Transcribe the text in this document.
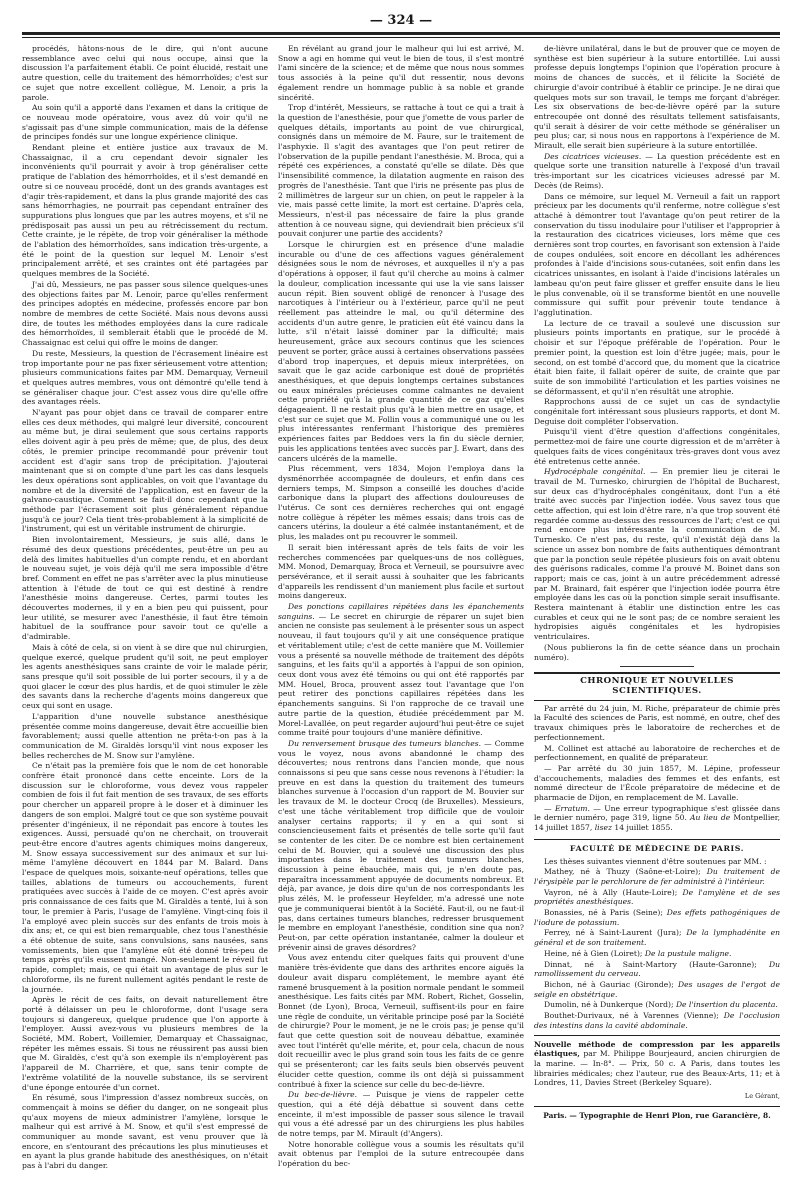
— 324 —

procédés, hâtons-nous de le dire, qui n'ont aucune ressemblance avec celui qui nous occupe, ainsi que la discussion l'a parfaitement établi. Ce point élucidé, restait une autre question, celle du traitement des hémorrhoïdes; c'est sur ce sujet que notre excellent collègue, M. Lenoir, a pris la parole.

Au soin qu'il a apporté dans l'examen et dans la critique de ce nouveau mode opératoire, vous avez dû voir qu'il ne s'agissait pas d'une simple communication, mais de la défense de principes fondés sur une longue expérience clinique.

Rendant pleine et entière justice aux travaux de M. Chassaignac, il a cru cependant devoir signaler les inconvénients qu'il pourrait y avoir à trop généraliser cette pratique de l'ablation des hémorrhoïdes, et il s'est demandé en outre si ce nouveau procédé, dont un des grands avantages est d'agir très-rapidement, et dans la plus grande majorité des cas sans hémorrhagies, ne pourrait pas cependant entraîner des suppurations plus longues que par les autres moyens, et s'il ne prédisposait pas aussi un peu au rétrécissement du rectum. Cette crainte, je le répète, de trop voir généraliser la méthode de l'ablation des hémorrhoïdes, sans indication très-urgente, a été le point de la question sur lequel M. Lenoir s'est principalement arrêté, et ses craintes ont été partagées par quelques membres de la Société.

J'ai dû, Messieurs, ne pas passer sous silence quelques-unes des objections faites par M. Lenoir, parce qu'elles renferment des principes adoptés en médecine, professés encore par bon nombre de membres de cette Société. Mais nous devons aussi dire, de toutes les méthodes employées dans la cure radicale des hémorrhoïdes, il semblerait établi que le procédé de M. Chassaignac est celui qui offre le moins de danger.

Du reste, Messieurs, la question de l'écrasement linéaire est trop importante pour ne pas fixer sérieusement votre attention; plusieurs communications faites par MM. Demarquay, Verneuil et quelques autres membres, vous ont démontré qu'elle tend à se généraliser chaque jour. C'est assez vous dire qu'elle offre des avantages réels.

N'ayant pas pour objet dans ce travail de comparer entre elles ces deux méthodes, qui malgré leur diversité, concourent au même but, je dirai seulement que sous certains rapports elles doivent agir à peu près de même; que, de plus, des deux côtés, le premier principe recommandé pour prévenir tout accident est d'agir sans trop de précipitation. J'ajouterai maintenant que si on compte d'une part les cas dans lesquels les deux opérations sont applicables, on voit que l'avantage du nombre et de la diversité de l'application, est en faveur de la galvano-caustique. Comment se fait-il donc cependant que la méthode par l'écrasement soit plus généralement répandue jusqu'à ce jour? Cela tient très-probablement à la simplicité de l'instrument, qui est un véritable instrument de chirurgie.

Bien involontairement, Messieurs, je suis allé, dans le résumé des deux questions précédentes, peut-être un peu au delà des limites habituelles d'un compte rendu, et en abordant le nouveau sujet, je vois déjà qu'il me sera impossible d'être bref. Comment en effet ne pas s'arrêter avec la plus minutieuse attention à l'étude de tout ce qui est destiné à rendre l'anesthésie moins dangereuse. Certes, parmi toutes les découvertes modernes, il y en a bien peu qui puissent, pour leur utilité, se mesurer avec l'anesthésie, il faut être témoin habituel de la souffrance pour savoir tout ce qu'elle a d'admirable.

Mais à côté de cela, si on vient à se dire que nul chirurgien, quelque exercé, quelque prudent qu'il soit, ne peut employer les agents anesthésiques sans crainte de voir le malade périr, sans presque qu'il soit possible de lui porter secours, il y a de quoi glacer le cœur des plus hardis, et de quoi stimuler le zèle des savants dans la recherche d'agents moins dangereux que ceux qui sont en usage.

L'apparition d'une nouvelle substance anesthésique présentée comme moins dangereuse, devait être accueillie bien favorablement; aussi quelle attention ne prêta-t-on pas à la communication de M. Giraldès lorsqu'il vint nous exposer les belles recherches de M. Snow sur l'amylène.

Ce n'était pas la première fois que le nom de cet honorable confrère était prononcé dans cette enceinte. Lors de la discussion sur le chloroforme, vous devez vous rappeler combien de fois il fut fait mention de ses travaux, de ses efforts pour chercher un appareil propre à le doser et à diminuer les dangers de son emploi. Malgré tout ce que son système pouvait présenter d'ingénieux, il ne répondait pas encore à toutes les exigences. Aussi, persuadé qu'on ne cherchait, on trouverait peut-être encore d'autres agents chimiques moins dangereux, M. Snow essaya successivement sur des animaux et sur lui-même l'amylène découvert en 1844 par M. Balard. Dans l'espace de quelques mois, soixante-neuf opérations, telles que tailles, ablations de tumeurs ou accouchements, furent pratiquées avec succès à l'aide de ce moyen. C'est après avoir pris connaissance de ces faits que M. Giraldès a tenté, lui à son tour, le premier à Paris, l'usage de l'amylène. Vingt-cinq fois il l'a employé avec plein succès sur des enfants de trois mois à dix ans; et, ce qui est bien remarquable, chez tous l'anesthésie a été obtenue de suite, sans convulsions, sans nausées, sans vomissements, bien que l'amylène eût été donné très-peu de temps après qu'ils eussent mangé. Non-seulement le réveil fut rapide, complet; mais, ce qui était un avantage de plus sur le chloroforme, ils ne furent nullement agités pendant le reste de la journée.

Après le récit de ces faits, on devait naturellement être porté à délaisser un peu le chloroforme, dont l'usage sera toujours si dangereux, quelque prudence que l'on apporte à l'employer. Aussi avez-vous vu plusieurs membres de la Société, MM. Robert, Voillemier, Demarquay et Chassaignac, répéter les mêmes essais. Si tous ne réussirent pas aussi bien que M. Giraldès, c'est qu'à son exemple ils n'employèrent pas l'appareil de M. Charrière, et que, sans tenir compte de l'extrême volatilité de la nouvelle substance, ils se servirent d'une éponge entourée d'un cornet.

En résumé, sous l'impression d'assez nombreux succès, on commençait à moins se défier du danger, on ne songeait plus qu'aux moyens de mieux administrer l'amylène, lorsque le malheur qui est arrivé à M. Snow, et qu'il s'est empressé de communiquer au monde savant, est venu prouver que là encore, en s'entourant des précautions les plus minutieuses et en ayant la plus grande habitude des anesthésiques, on n'était pas à l'abri du danger.

En révélant au grand jour le malheur qui lui est arrivé, M. Snow a agi en homme qui veut le bien de tous, il s'est montré l'ami sincère de la science; et de même que nous nous sommes tous associés à la peine qu'il dut ressentir, nous devons également rendre un hommage public à sa noble et grande sincérité.

Trop d'intérêt, Messieurs, se rattache à tout ce qui a trait à la question de l'anesthésie, pour que j'omette de vous parler de quelques détails, importants au point de vue chirurgical, consignés dans un mémoire de M. Faure, sur le traitement de l'asphyxie. Il s'agit des avantages que l'on peut retirer de l'observation de la pupille pendant l'anesthésie. M. Broca, qui a répété ces expériences, a constaté qu'elle se dilate. Dès que l'insensibilité commence, la dilatation augmente en raison des progrès de l'anesthésie. Tant que l'iris ne présente pas plus de 2 millimètres de largeur sur un chien, on peut le rappeler à la vie, mais passé cette limite, la mort est certaine. D'après cela, Messieurs, n'est-il pas nécessaire de faire la plus grande attention à ce nouveau signe, qui deviendrait bien précieux s'il pouvait conjurer une partie des accidents?

Lorsque le chirurgien est en présence d'une maladie incurable ou d'une de ces affections vagues généralement désignées sous le nom de névroses, et auxquelles il n'y a pas d'opérations à opposer, il faut qu'il cherche au moins à calmer la douleur, complication incessante qui use la vie sans laisser aucun répit. Bien souvent obligé de renoncer à l'usage des narcotiques à l'intérieur ou à l'extérieur, parce qu'il ne peut réellement pas atteindre le mal, ou qu'il détermine des accidents d'un autre genre, le praticien eût été vaincu dans la lutte, s'il n'était laissé dominer par la difficulté; mais heureusement, grâce aux secours continus que les sciences peuvent se porter, grâce aussi à certaines observations passées d'abord trop inaperçues, et depuis mieux interprétées, on savait que le gaz acide carbonique est doué de propriétés anesthésiques, et que depuis longtemps certaines substances ou eaux minérales précieuses comme calmantes ne devaient cette propriété qu'à la grande quantité de ce gaz qu'elles dégageaient. Il ne restait plus qu'à le bien mettre en usage, et c'est sur ce sujet que M. Follin vous a communiqué une ou les plus intéressantes renfermant l'historique des premières expériences faites par Beddoes vers la fin du siècle dernier, puis les applications tentées avec succès par J. Ewart, dans des cancers ulcérés de la mamelle.

Plus récemment, vers 1834, Mojon l'employa dans la dysménorrhée accompagnée de douleurs, et enfin dans ces derniers temps, M. Simpson a conseillé les douches d'acide carbonique dans la plupart des affections douloureuses de l'utérus. Ce sont ces dernières recherches qui ont engagé notre collègue à répéter les mêmes essais; dans trois cas de cancers utérins, la douleur a été calmée instantanément, et de plus, les malades ont pu recouvrer le sommeil.

Il serait bien intéressant après de tels faits de voir les recherches commencées par quelques-uns de nos collègues, MM. Monod, Demarquay, Broca et Verneuil, se poursuivre avec persévérance, et il serait aussi à souhaiter que les fabricants d'appareils les rendissent d'un maniement plus facile et surtout moins dangereux.

Des ponctions capillaires répétées dans les épanchements sanguins. — Le secret en chirurgie de réparer un sujet bien ancien ne consiste pas seulement à le présenter sous un aspect nouveau, il faut toujours qu'il y ait une conséquence pratique et véritablement utile; c'est de cette manière que M. Voillemier vous a présenté sa nouvelle méthode de traitement des dépôts sanguins, et les faits qu'il a apportés à l'appui de son opinion, ceux dont vous avez été témoins ou qui ont été rapportés par MM. Houel, Broca, prouvent assez tout l'avantage que l'on peut retirer des ponctions capillaires répétées dans les épanchements sanguins. Si l'on rapproche de ce travail une autre partie de la question, étudiée précédemment par M. Morel-Lavallée, on peut regarder aujourd'hui peut-être ce sujet comme traité pour toujours d'une manière définitive.

Du renversement brusque des tumeurs blanches. — Comme vous le voyez, nous avons abandonné le champ des découvertes; nous rentrons dans l'ancien monde, que nous connaissons si peu que sans cesse nous revenons à l'étudier: la preuve en est dans la question du traitement des tumeurs blanches survenue à l'occasion d'un rapport de M. Bouvier sur les travaux de M. le docteur Crocq (de Bruxelles). Messieurs, c'est une tâche véritablement trop difficile que de vouloir analyser certains rapports; il y en a qui sont si consciencieusement faits et présentés de telle sorte qu'il faut se contenter de les citer. De ce nombre est bien certainement celui de M. Bouvier, qui a soulevé une discussion des plus importantes dans le traitement des tumeurs blanches, discussion à peine ébauchée, mais qui, je n'en doute pas, reparaîtra incessamment appuyée de documents nombreux. Et déjà, par avance, je dois dire qu'un de nos correspondants les plus zélés, M. le professeur Heyfelder, m'a adressé une note que je communiquerai bientôt à la Société. Faut-il, ou ne faut-il pas, dans certaines tumeurs blanches, redresser brusquement le membre en employant l'anesthésie, condition sine qua non? Peut-on, par cette opération instantanée, calmer la douleur et prévenir ainsi de graves désordres?

Vous avez entendu citer quelques faits qui prouvent d'une manière très-évidente que dans des arthrites encore aiguës la douleur avait disparu complétement, le membre ayant été ramené brusquement à la position normale pendant le sommeil anesthésique. Les faits cités par MM. Robert, Richet, Gosselin, Bonnet (de Lyon), Broca, Verneuil, suffisent-ils pour en faire une règle de conduite, un véritable principe posé par la Société de chirurgie? Pour le moment, je ne le crois pas; je pense qu'il faut que cette question soit de nouveau débattue, examinée avec tout l'intérêt qu'elle mérite, et, pour cela, chacun de nous doit recueillir avec le plus grand soin tous les faits de ce genre qui se présenteront; car les faits seuls bien observés peuvent élucider cette question, comme ils ont déjà si puissamment contribué à fixer la science sur celle du bec-de-lièvre.

Du bec-de-lièvre. — Puisque je viens de rappeler cette question, qui a été déjà débattue si souvent dans cette enceinte, il m'est impossible de passer sous silence le travail qui vous a été adressé par un des chirurgiens les plus habiles de notre temps, par M. Mirault (d'Angers).

Notre honorable collègue vous a soumis les résultats qu'il avait obtenus par l'emploi de la suture entrecoupée dans l'opération du bec-

de-lièvre unilatéral, dans le but de prouver que ce moyen de synthèse est bien supérieur à la suture entortillée. Lui aussi professe depuis longtemps l'opinion que l'opération procure à moins de chances de succès, et il félicite la Société de chirurgie d'avoir contribué à établir ce principe. Je ne dirai que quelques mots sur son travail, le temps me forçant d'abréger. Les six observations de bec-de-lièvre opéré par la suture entrecoupée ont donné des résultats tellement satisfaisants, qu'il serait à désirer de voir cette méthode se généraliser un peu plus; car, si nous nous en rapportons à l'expérience de M. Mirault, elle serait bien supérieure à la suture entortillée.

Des cicatrices vicieuses. — La question précédente est en quelque sorte une transition naturelle à l'exposé d'un travail très-important sur les cicatrices vicieuses adressé par M. Decès (de Reims).

Dans ce mémoire, sur lequel M. Verneuil a fait un rapport précieux par les documents qu'il renferme, notre collègue s'est attaché à démontrer tout l'avantage qu'on peut retirer de la conservation du tissu inodulaire pour l'utiliser et l'approprier à la restauration des cicatrices vicieuses, lors même que ces dernières sont trop courtes, en favorisant son extension à l'aide de coupes ondulées, soit encore en décollant les adhérences profondes à l'aide d'incisions sous-cutanées, soit enfin dans les cicatrices unissantes, en isolant à l'aide d'incisions latérales un lambeau qu'on peut faire glisser et greffer ensuite dans le lieu le plus convenable, où il se transforme bientôt en une nouvelle commissure qui suffit pour prévenir toute tendance à l'agglutination.

La lecture de ce travail a soulevé une discussion sur plusieurs points importants en pratique, sur le procédé à choisir et sur l'époque préférable de l'opération. Pour le premier point, la question est loin d'être jugée; mais, pour le second, on est tombé d'accord que, du moment que la cicatrice était bien faite, il fallait opérer de suite, de crainte que par suite de son immobilité l'articulation et les parties voisines ne se déformassent, et qu'il n'en résultât une atrophie.

Rapprochons aussi de ce sujet un cas de syndactylie congénitale fort intéressant sous plusieurs rapports, et dont M. Deguise doit compléter l'observation.

Puisqu'il vient d'être question d'affections congénitales, permettez-moi de faire une courte digression et de m'arrêter à quelques faits de vices congénitaux très-graves dont vous avez été entretenus cette année.

Hydrocéphale congénital. — En premier lieu je citerai le travail de M. Turnesko, chirurgien de l'hôpital de Bucharest, sur deux cas d'hydrocéphales congénitaux, dont l'un a été traité avec succès par l'injection iodée. Vous savez tous que cette affection, qui est loin d'être rare, n'a que trop souvent été regardée comme au-dessus des ressources de l'art; c'est ce qui rend encore plus intéressante la communication de M. Turnesko. Ce n'est pas, du reste, qu'il n'existât déjà dans la science un assez bon nombre de faits authentiques démontrant que par la ponction seule répétée plusieurs fois on avait obtenu des guérisons radicales, comme l'a prouvé M. Boinet dans son rapport; mais ce cas, joint à un autre précédemment adressé par M. Brainard, fait espérer que l'injection iodée pourra être employée dans les cas où la ponction simple serait insuffisante. Restera maintenant à établir une distinction entre les cas curables et ceux qui ne le sont pas; de ce nombre seraient les hydropisies aiguës congénitales et les hydropisies ventriculaires.

(Nous publierons la fin de cette séance dans un prochain numéro).

CHRONIQUE ET NOUVELLES SCIENTIFIQUES.

Par arrêté du 24 juin, M. Riche, préparateur de chimie près la Faculté des sciences de Paris, est nommé, en outre, chef des travaux chimiques près le laboratoire de recherches et de perfectionnement.

M. Collinet est attaché au laboratoire de recherches et de perfectionnement, en qualité de préparateur.

— Par arrêté du 30 juin 1857, M. Lépine, professeur d'accouchements, maladies des femmes et des enfants, est nommé directeur de l'École préparatoire de médecine et de pharmacie de Dijon, en remplacement de M. Lavalle.

— Erratum. — Une erreur typographique s'est glissée dans le dernier numéro, page 319, ligne 50. Au lieu de Montpellier, 14 juillet 1857, lisez 14 juillet 1855.

FACULTÉ DE MÉDECINE DE PARIS.

Les thèses suivantes viennent d'être soutenues par MM. :

Mathey, né à Thuzy (Saône-et-Loire); Du traitement de l'érysipèle par le perchlorure de fer administré à l'intérieur.

Vayron, né à Ally (Haute-Loire); De l'amylène et de ses propriétés anesthésiques.

Bonassies, né à Paris (Seine); Des effets pathogéniques de l'iodure de potassium.

Ferrey, né à Saint-Laurent (Jura); De la lymphadénite en général et de son traitement.

Heine, né à Gien (Loiret); De la pustule maligne.

Dinnat, né à Saint-Martory (Haute-Garonne); Du ramollissement du cerveau.

Bichon, né à Gauriac (Gironde); Des usages de l'ergot de seigle en obstétrique.

Dumolin, né à Dunkerque (Nord); De l'insertion du placenta.

Bouthet-Durivaux, né à Varennes (Vienne); De l'occlusion des intestins dans la cavité abdominale.

Nouvelle méthode de compression par les appareils élastiques, par M. Philippe Bourjeaurd, ancien chirurgien de la marine. — In-8°. — Prix, 50 c. A Paris, dans toutes les librairies médicales; chez l'auteur, rue des Beaux-Arts, 11; et à Londres, 11, Davies Street (Berkeley Square).

Le Gérant,
Paris. — Typographie de Henri Plon, rue Garancière, 8.
